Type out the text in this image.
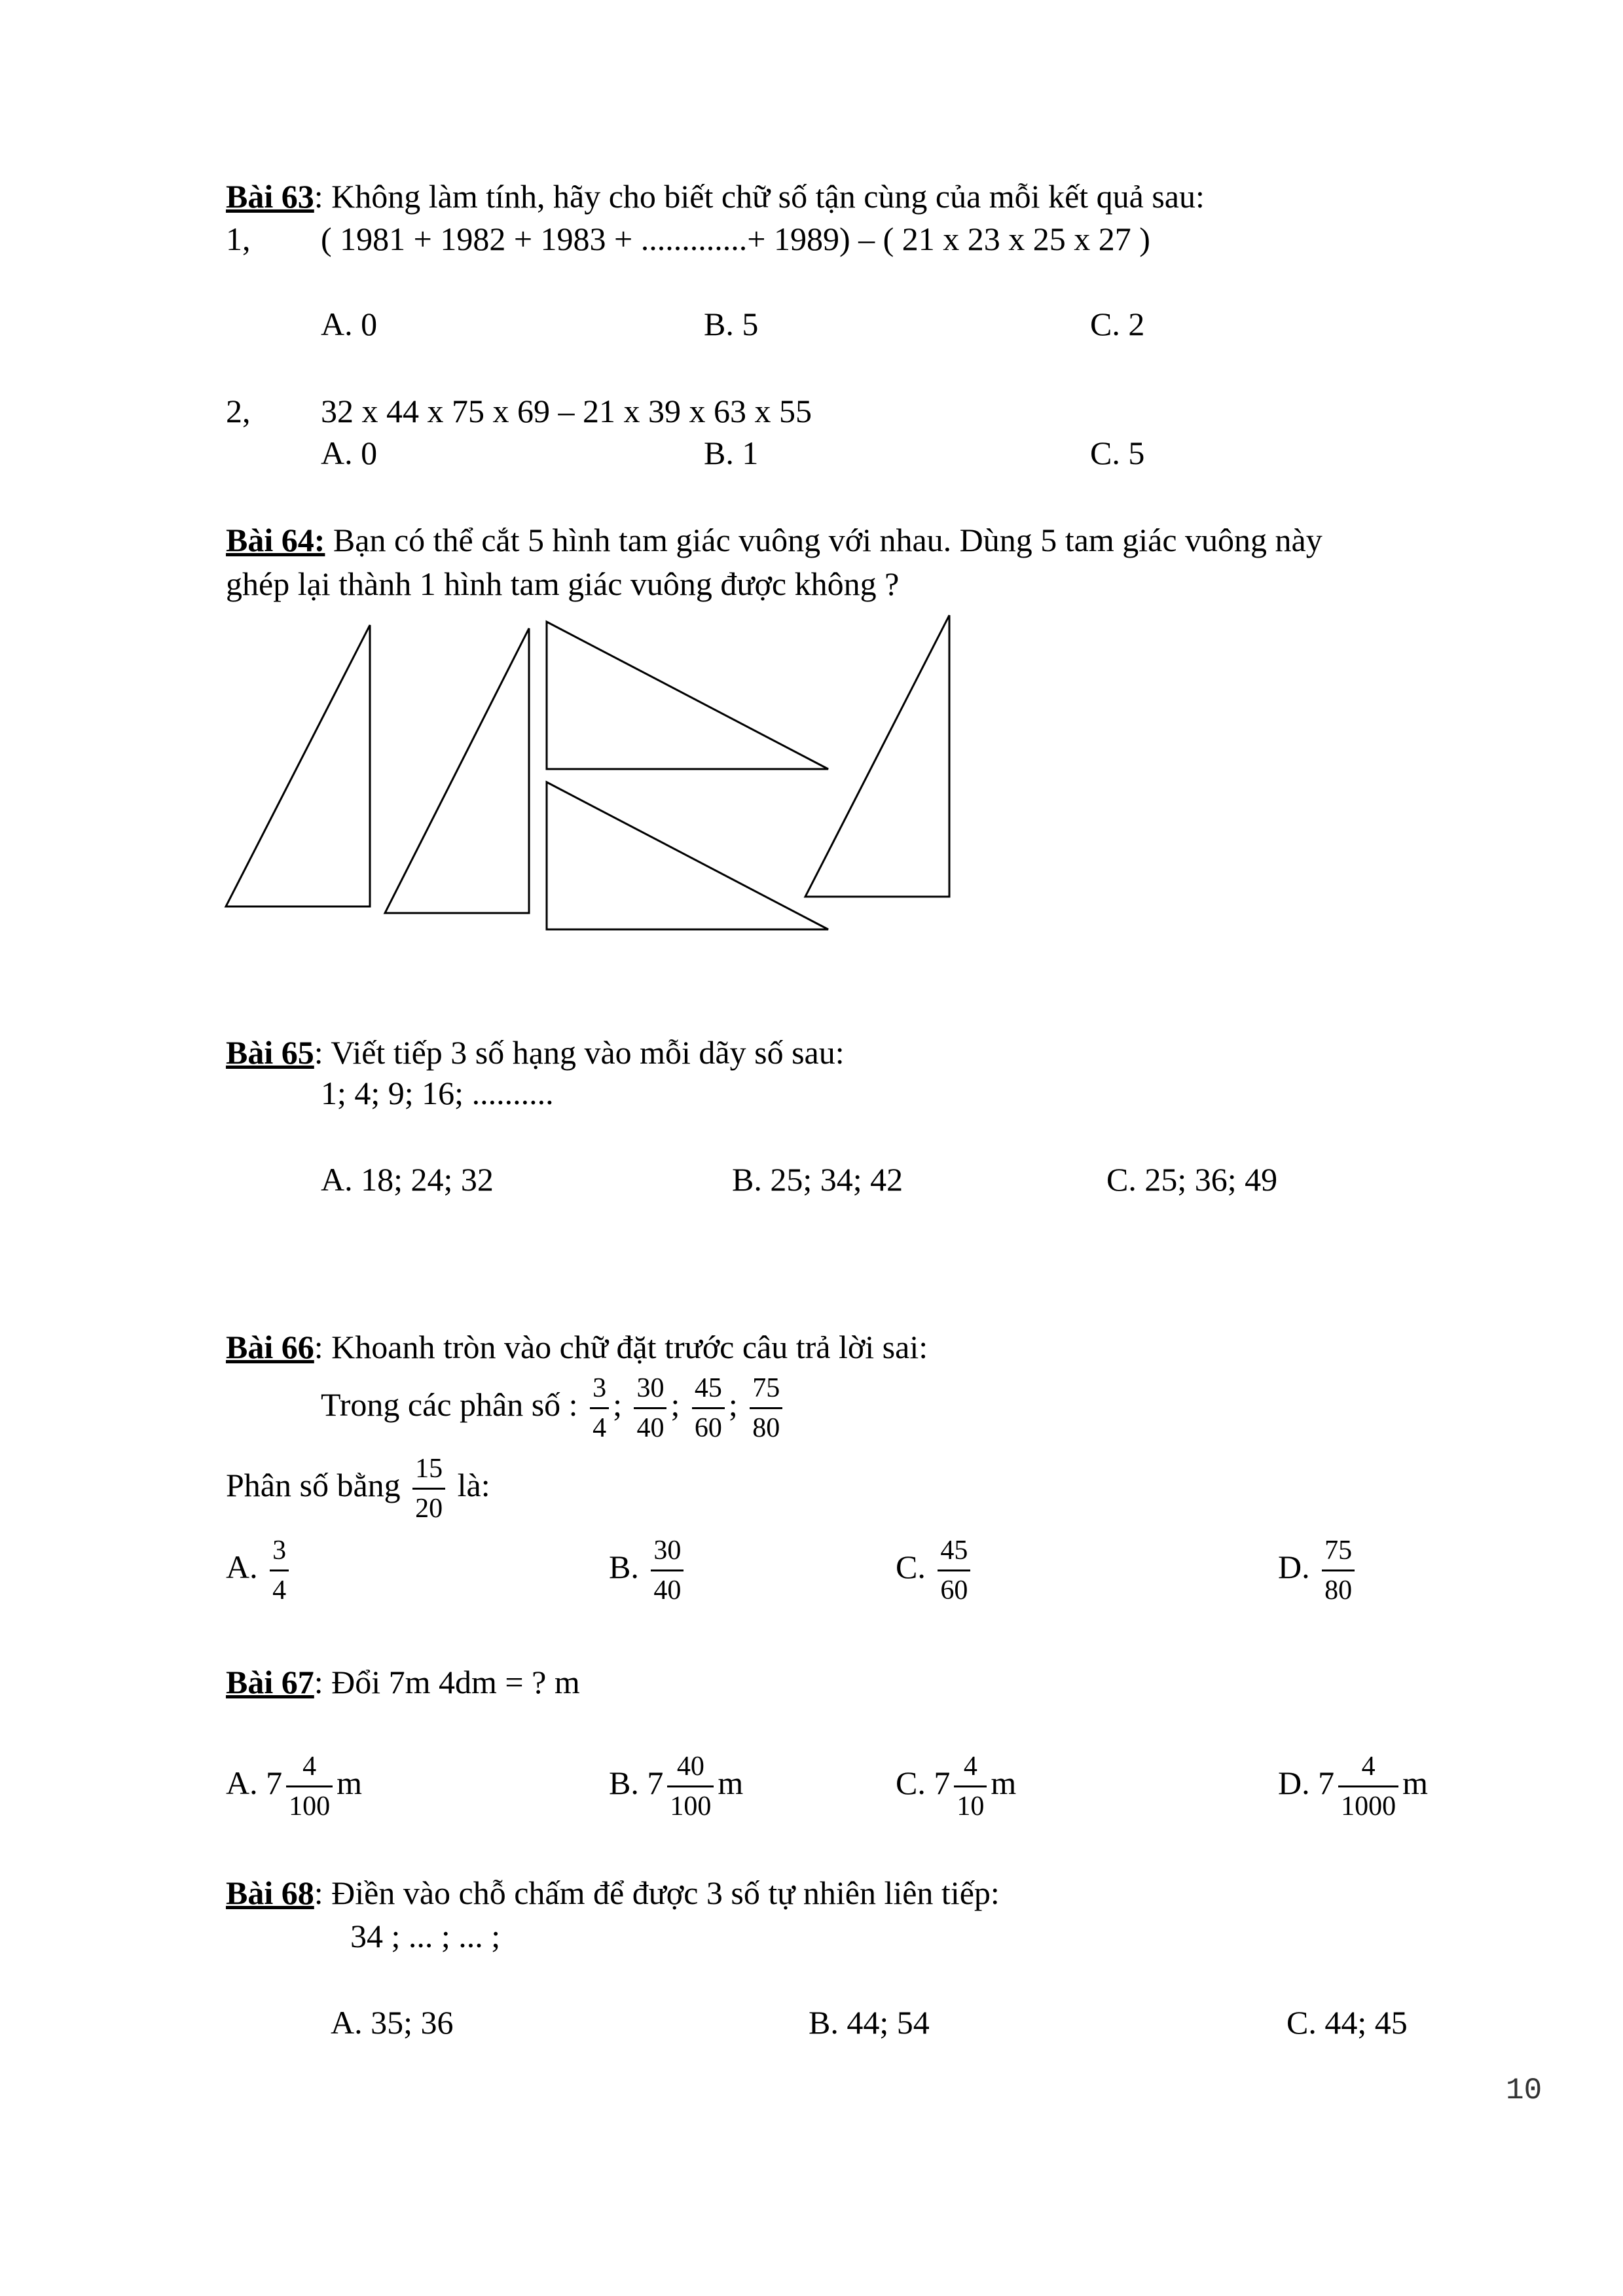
Bài 63: Không làm tính, hãy cho biết chữ số tận cùng của mỗi kết quả sau:
1, ( 1981 + 1982 + 1983 + .............+ 1989) – ( 21 x 23 x 25 x 27 )
A. 0	B. 5	C. 2
2, 32 x 44 x 75 x 69 – 21 x 39 x 63 x 55
A. 0	B. 1	C. 5
Bài 64: Bạn có thể cắt 5 hình tam giác vuông với nhau. Dùng 5 tam giác vuông này
ghép lại thành 1 hình tam giác vuông được không ?
Bài 65: Viết tiếp 3 số hạng vào mỗi dãy số sau:
1; 4; 9; 16; ..........
A. 18; 24; 32	B. 25; 34; 42	C. 25; 36; 49
Bài 66: Khoanh tròn vào chữ đặt trước câu trả lời sai:
Trong các phân số : $\frac{3}{4}$ ; $\frac{30}{40}$ ; $\frac{45}{60}$ ; $\frac{75}{80}$
Phân số bằng $\frac{15}{20}$ là:
A. $\frac{3}{4}$	B. $\frac{30}{40}$	C. $\frac{45}{60}$	D. $\frac{75}{80}$
Bài 67: Đổi 7m 4dm = ? m
A. $7 \frac{4}{100}$ m	B. $7 \frac{40}{100}$ m	C. $7 \frac{4}{10}$ m	D. $7 \frac{4}{1000}$ m
Bài 68: Điền vào chỗ chấm để được 3 số tự nhiên liên tiếp:
34 ; ... ; ... ;
A. 35; 36	B. 44; 54	C. 44; 45
10
